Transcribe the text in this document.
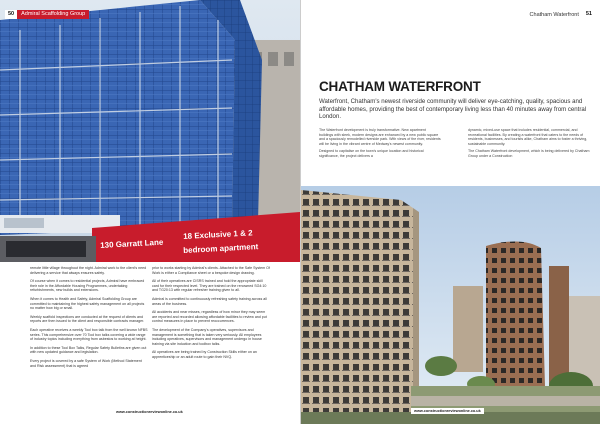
50	Admiral Scaffolding Group
130 Garratt Lane
18 Exclusive 1 & 2
bedroom apartment

remote little village throughout the night. Admiral work to the client's need delivering a service that always ensures safety.

Of course when it comes to residential projects, Admiral have embraced their role in the Affordable Housing Programmes, undertaking refurbishments, new builds and extensions.

When it comes to Health and Safety, Admiral Scaffolding Group are committed to maintaining the highest safety management on all projects no matter how big or small.

Weekly scaffold inspections are conducted at the request of clients and reports are then issued to the client and responsible contracts manager.

Each operative receives a weekly Tool box talk from the well known NFBS series. This comprehensive over 70 Tool box talks covering a wide range of industry topics including everything from asbestos to working at height.

In addition to these Tool Box Talks, Regular Safety Bulletins are given out with new updated guidance and legislation.

Every project is covered by a safe System of Work (Method Statement and Risk assessment) that is agreed

prior to works starting by Admiral's clients. Attached to the Safe System Of Work is either a Compliance sheet or a bespoke design drawing.

All of their operatives are CISRS trained and hold the appropriate skill card for their respected level. They are trained on the renowned SG4:10 and TG20:13 with regular refresher training given to all.

Admiral is committed to continuously refreshing safety training across all areas of the business.

All accidents and near misses, regardless of how minor they may seem are reported and recorded allowing affordable facilities to review and put control measures in place to prevent reoccurrences.

The development of the Company's operatives, supervisors and management is something that is taken very seriously. All employees including operatives, supervisors and management undergo in house training via site induction and toolbox talks.

All operatives are being trained by Construction Skills either on an apprenticeship or an adult route to gain their NVQ.

www.constructionreviewonline.co.uk
Chatham Waterfront	51
CHATHAM WATERFRONT
Waterfront, Chatham's newest riverside community will deliver eye-catching, quality, spacious and affordable homes, providing the best of contemporary living less than 40 minutes away from central London.

The Waterfront development is truly transformative. New apartment buildings with sleek, modern designs are enhanced by a new public square and a spaciously remodelled riverside park. With views of the river, residents will be living in the vibrant centre of Medway's newest community.

Designed to capitalise on the town's unique location and historical significance, the project delivers a

dynamic, mixed-use space that includes residential, commercial, and recreational facilities. By creating a waterfront that caters to the needs of residents, businesses, and tourists alike, Chatham aims to foster a thriving, sustainable community.

The Chatham Waterfront development, which is being delivered by Chatham Group under a Construction

www.constructionreviewonline.co.uk
